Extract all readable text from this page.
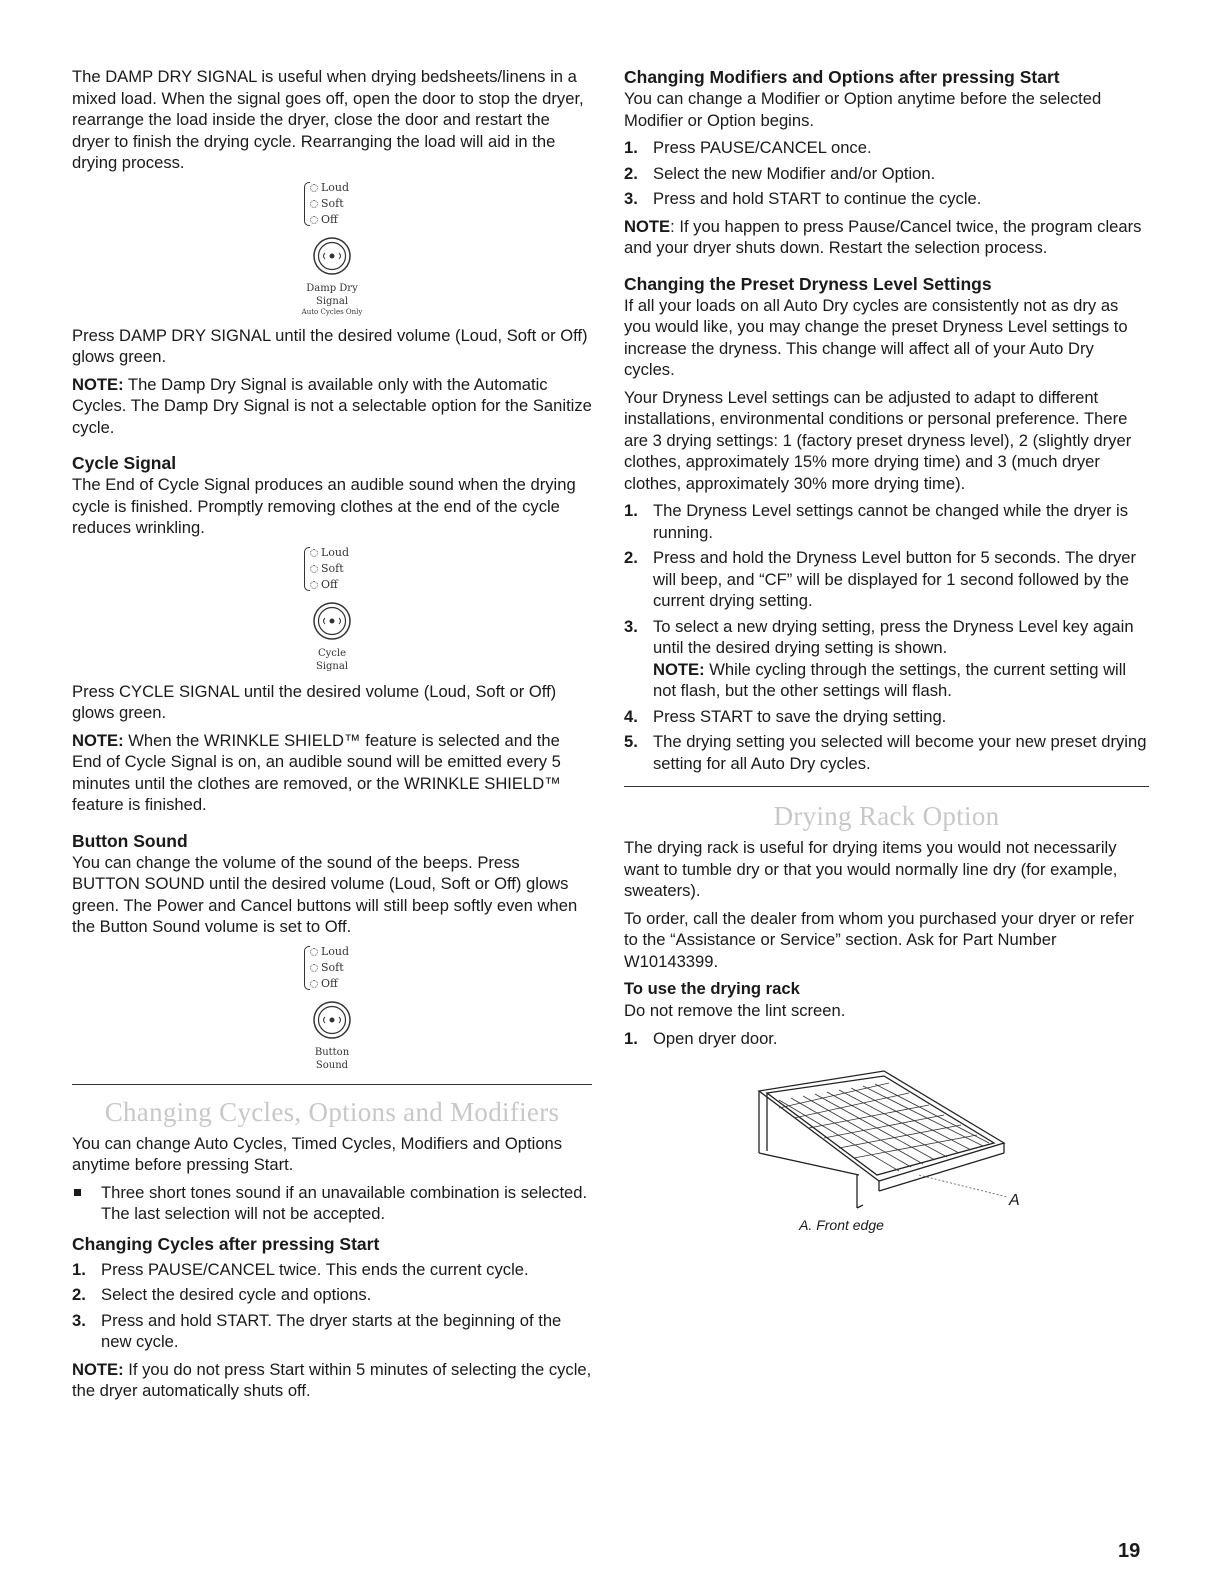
The DAMP DRY SIGNAL is useful when drying bedsheets/linens in a mixed load. When the signal goes off, open the door to stop the dryer, rearrange the load inside the dryer, close the door and restart the dryer to finish the drying cycle. Rearranging the load will aid in the drying process.

Loud
Soft
Off
Damp Dry
Signal
Auto Cycles Only

Press DAMP DRY SIGNAL until the desired volume (Loud, Soft or Off) glows green.

NOTE: The Damp Dry Signal is available only with the Automatic Cycles. The Damp Dry Signal is not a selectable option for the Sanitize cycle.

Cycle Signal

The End of Cycle Signal produces an audible sound when the drying cycle is finished. Promptly removing clothes at the end of the cycle reduces wrinkling.

Loud
Soft
Off
Cycle
Signal

Press CYCLE SIGNAL until the desired volume (Loud, Soft or Off) glows green.

NOTE: When the WRINKLE SHIELD™ feature is selected and the End of Cycle Signal is on, an audible sound will be emitted every 5 minutes until the clothes are removed, or the WRINKLE SHIELD™ feature is finished.

Button Sound

You can change the volume of the sound of the beeps. Press BUTTON SOUND until the desired volume (Loud, Soft or Off) glows green. The Power and Cancel buttons will still beep softly even when the Button Sound volume is set to Off.

Loud
Soft
Off
Button
Sound
Changing Cycles, Options and Modifiers

You can change Auto Cycles, Timed Cycles, Modifiers and Options anytime before pressing Start.

Three short tones sound if an unavailable combination is selected. The last selection will not be accepted.
Changing Cycles after pressing Start
1. Press PAUSE/CANCEL twice. This ends the current cycle.
2. Select the desired cycle and options.
3. Press and hold START. The dryer starts at the beginning of the new cycle.

NOTE: If you do not press Start within 5 minutes of selecting the cycle, the dryer automatically shuts off.

Changing Modifiers and Options after pressing Start

You can change a Modifier or Option anytime before the selected Modifier or Option begins.

1. Press PAUSE/CANCEL once.
2. Select the new Modifier and/or Option.
3. Press and hold START to continue the cycle.

NOTE: If you happen to press Pause/Cancel twice, the program clears and your dryer shuts down. Restart the selection process.

Changing the Preset Dryness Level Settings

If all your loads on all Auto Dry cycles are consistently not as dry as you would like, you may change the preset Dryness Level settings to increase the dryness. This change will affect all of your Auto Dry cycles.

Your Dryness Level settings can be adjusted to adapt to different installations, environmental conditions or personal preference. There are 3 drying settings: 1 (factory preset dryness level), 2 (slightly dryer clothes, approximately 15% more drying time) and 3 (much dryer clothes, approximately 30% more drying time).

1. The Dryness Level settings cannot be changed while the dryer is running.
2. Press and hold the Dryness Level button for 5 seconds. The dryer will beep, and “CF” will be displayed for 1 second followed by the current drying setting.
3. To select a new drying setting, press the Dryness Level key again until the desired drying setting is shown.
NOTE: While cycling through the settings, the current setting will not flash, but the other settings will flash.
4. Press START to save the drying setting.
5. The drying setting you selected will become your new preset drying setting for all Auto Dry cycles.
Drying Rack Option

The drying rack is useful for drying items you would not necessarily want to tumble dry or that you would normally line dry (for example, sweaters).

To order, call the dealer from whom you purchased your dryer or refer to the “Assistance or Service” section. Ask for Part Number W10143399.

To use the drying rack

Do not remove the lint screen.

1. Open dryer door.
A
A. Front edge
19
